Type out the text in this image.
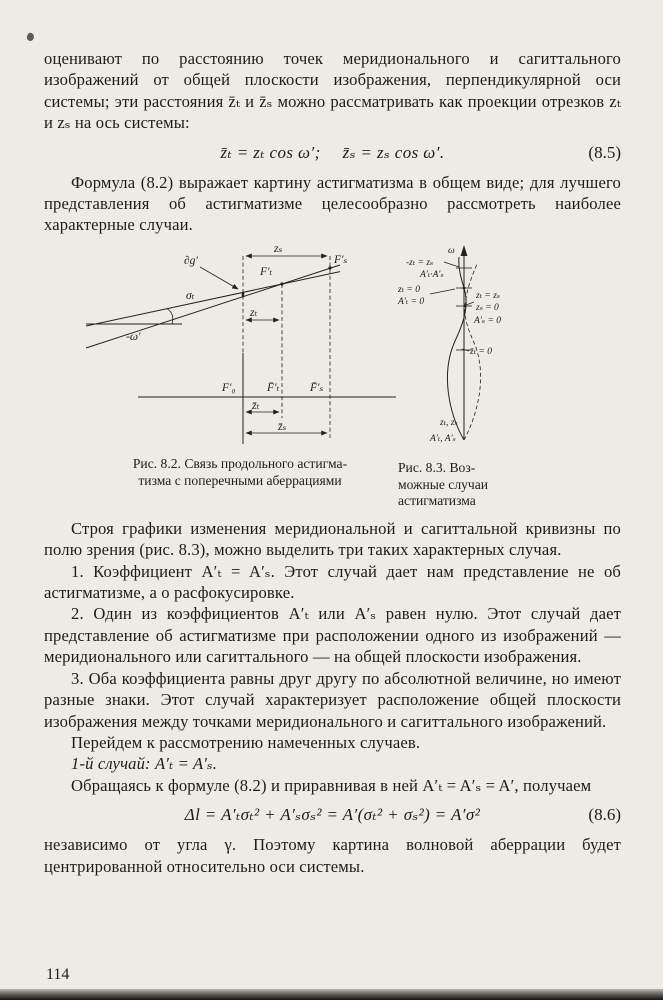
оценивают по расстоянию точек меридионального и сагиттального изображений от общей плоскости изображения, перпендикулярной оси системы; эти расстояния z̄ₜ и z̄ₛ можно рассматривать как проекции отрезков zₜ и zₛ на ось системы:

z̄ₜ = zₜ cos ω′;  z̄ₛ = zₛ cos ω′.	(8.5)

Формула (8.2) выражает картину астигматизма в общем виде; для лучшего представления об астигматизме целесообразно рассмотреть наиболее характерные случаи.

∂g′
zₛ
F′ₜ
F′ₛ
σₜ
-ω′
zₜ
F′₀	F̄′ₜ	F̄′ₛ
z̄ₜ
z̄ₛ
Рис. 8.2. Связь продольного астигма-
тизма с поперечными аберрациями
ω
-zₜ = zₛ
A′ₜ·A′ₛ
zₜ = 0
A′ₜ = 0
zₜ = zₛ
zₛ = 0
A′ₛ = 0
z̄ₜ = 0
zₜ, zₛ
A′ₜ, A′ₛ
Рис. 8.3. Воз-
можные случаи
астигматизма

Строя графики изменения меридиональной и сагиттальной кривизны по полю зрения (рис. 8.3), можно выделить три таких характерных случая.

1. Коэффициент A′ₜ = A′ₛ. Этот случай дает нам представление не об астигматизме, а о расфокусировке.

2. Один из коэффициентов A′ₜ или A′ₛ равен нулю. Этот случай дает представление об астигматизме при расположении одного из изображений — меридионального или сагиттального — на общей плоскости изображения.

3. Оба коэффициента равны друг другу по абсолютной величине, но имеют разные знаки. Этот случай характеризует расположение общей плоскости изображения между точками меридионального и сагиттального изображений.

Перейдем к рассмотрению намеченных случаев.

1-й случай: A′ₜ = A′ₛ.

Обращаясь к формуле (8.2) и приравнивая в ней A′ₜ = A′ₛ = A′, получаем

Δl = A′ₜσₜ² + A′ₛσₛ² = A′(σₜ² + σₛ²) = A′σ²	(8.6)

независимо от угла γ. Поэтому картина волновой аберрации будет центрированной относительно оси системы.

114
